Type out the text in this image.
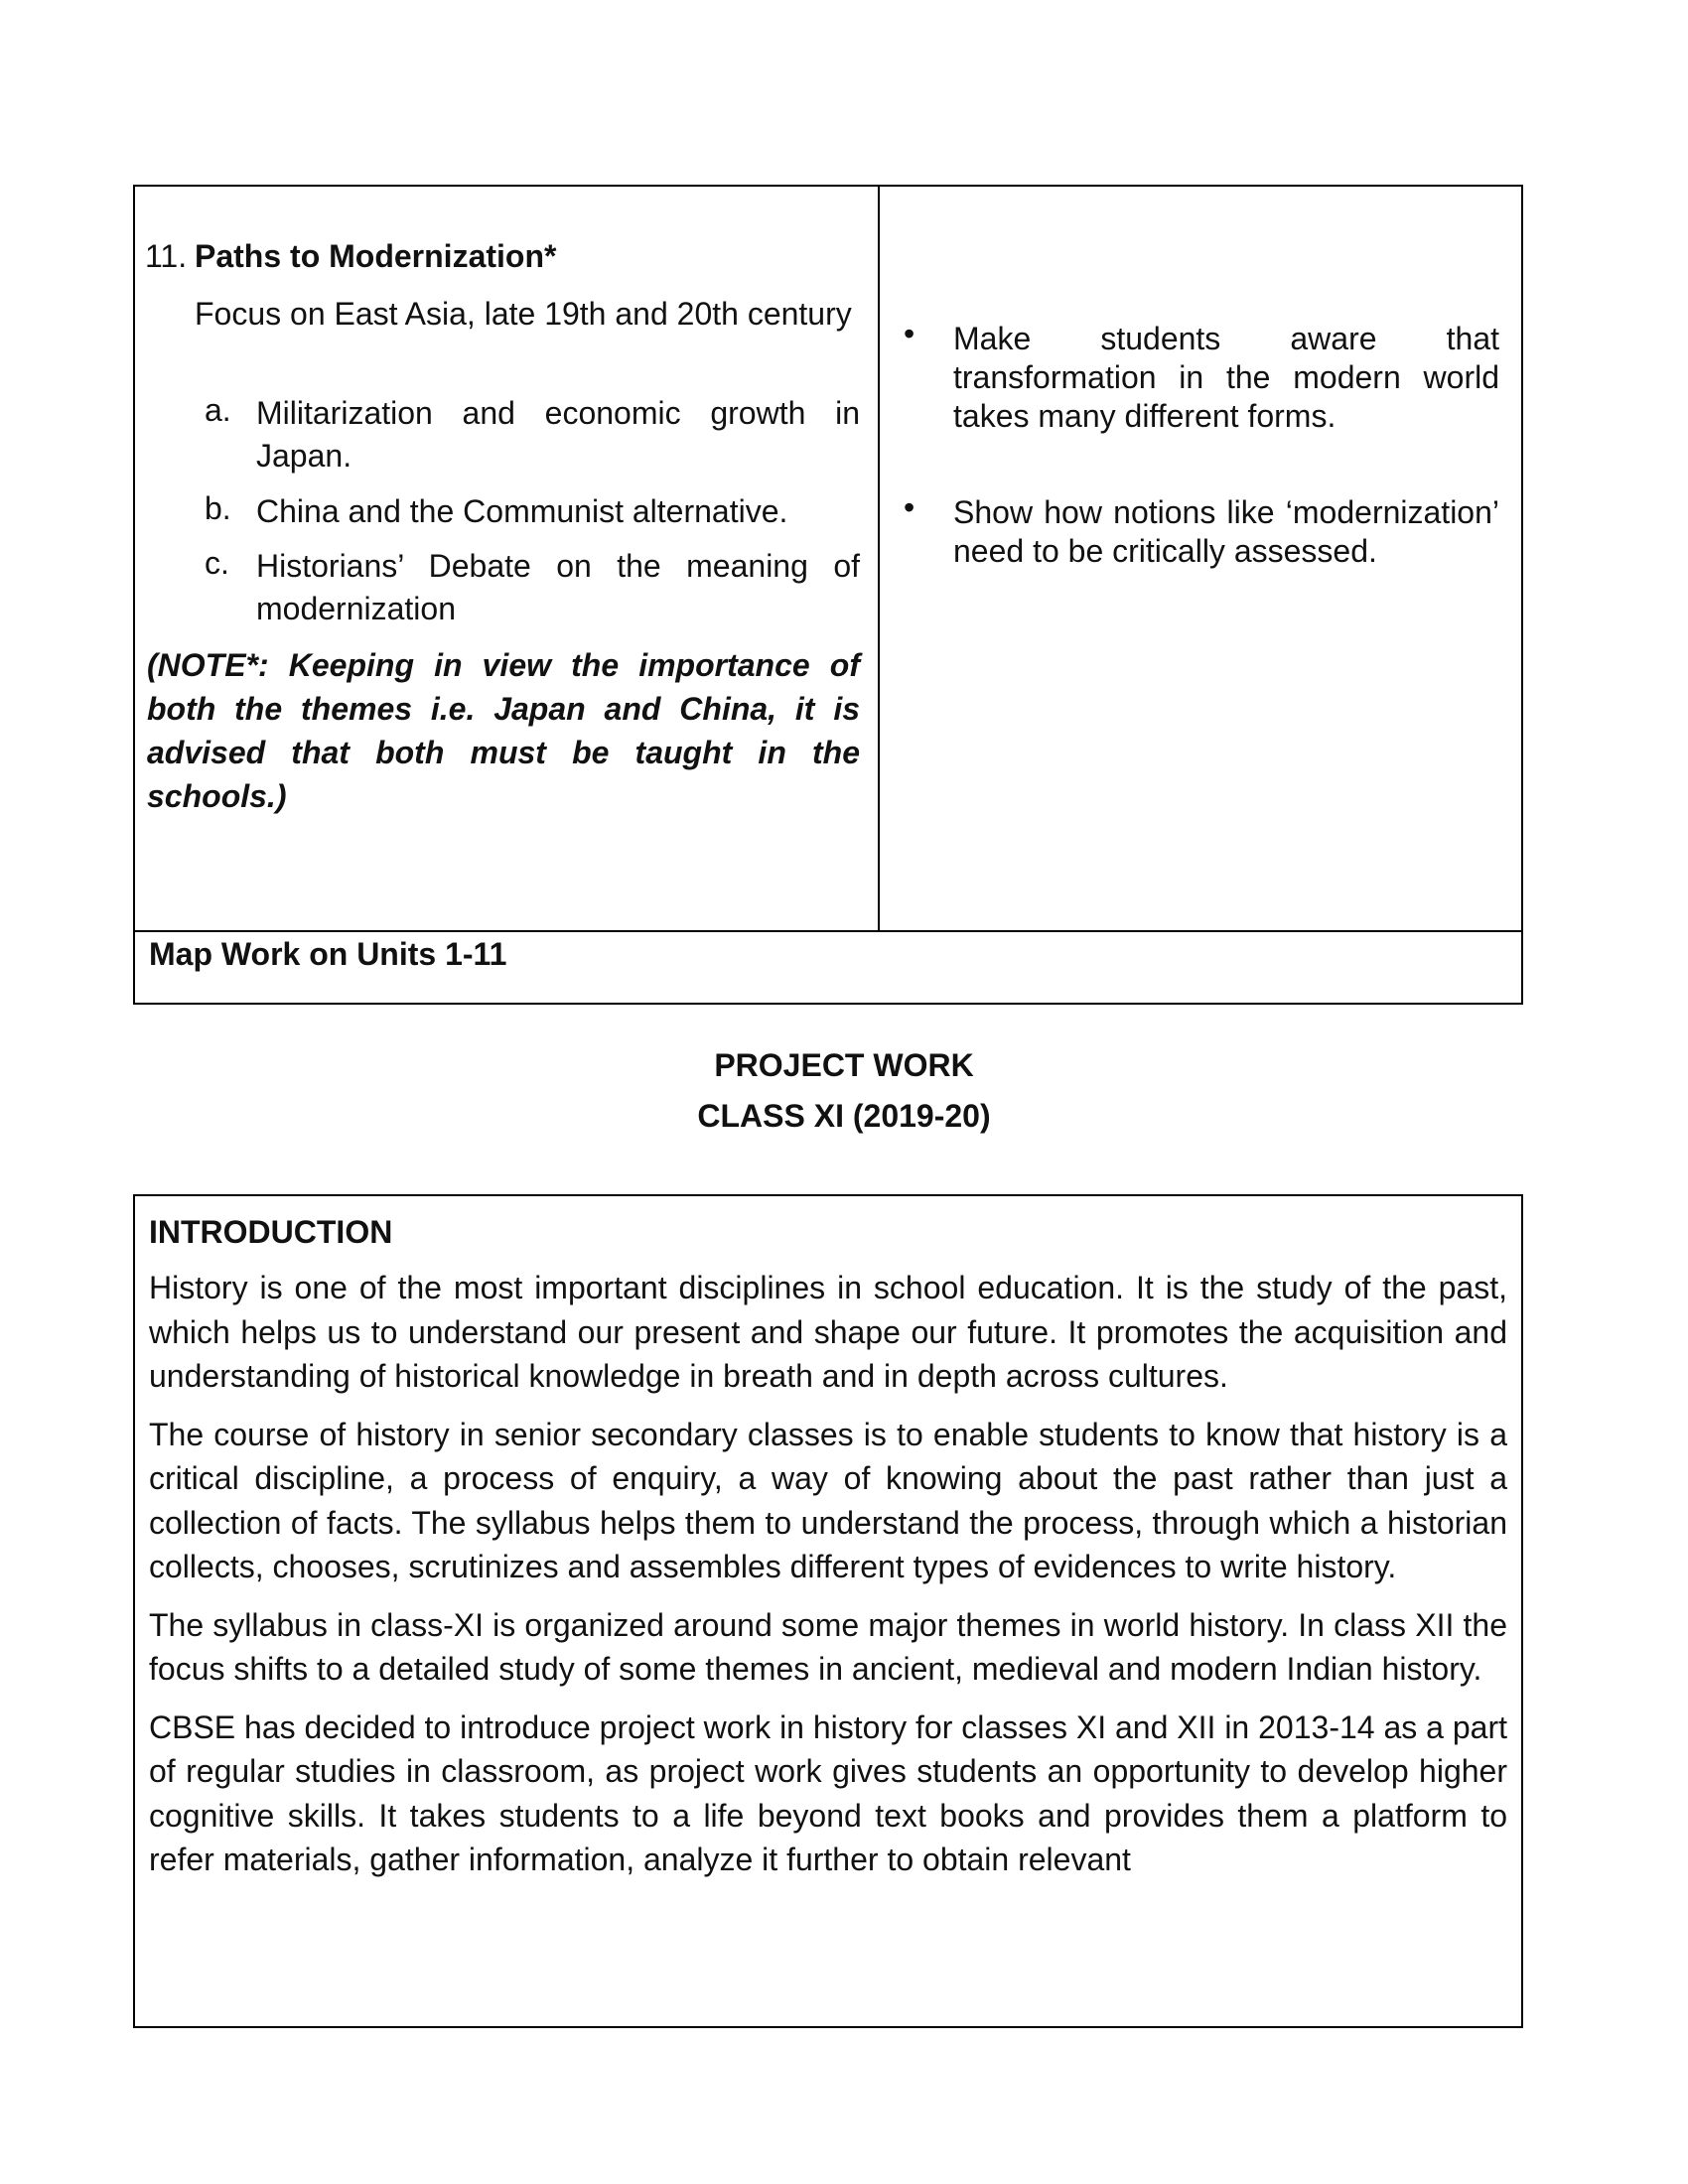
11. Paths to Modernization*
Focus on East Asia, late 19th and 20th century
a. Militarization and economic growth in Japan.
b. China and the Communist alternative.
c. Historians’ Debate on the meaning of modernization
(NOTE*: Keeping in view the importance of both the themes i.e. Japan and China, it is advised that both must be taught in the schools.)
• Make students aware that transformation in the modern world takes many different forms.
• Show how notions like ‘modernization’ need to be critically assessed.
Map Work on Units 1-11
PROJECT WORK
CLASS XI (2019-20)
INTRODUCTION

History is one of the most important disciplines in school education. It is the study of the past, which helps us to understand our present and shape our future. It promotes the acquisition and understanding of historical knowledge in breath and in depth across cultures.

The course of history in senior secondary classes is to enable students to know that history is a critical discipline, a process of enquiry, a way of knowing about the past rather than just a collection of facts. The syllabus helps them to understand the process, through which a historian collects, chooses, scrutinizes and assembles different types of evidences to write history.

The syllabus in class-XI is organized around some major themes in world history. In class XII the focus shifts to a detailed study of some themes in ancient, medieval and modern Indian history.

CBSE has decided to introduce project work in history for classes XI and XII in 2013-14 as a part of regular studies in classroom, as project work gives students an opportunity to develop higher cognitive skills. It takes students to a life beyond text books and provides them a platform to refer materials, gather information, analyze it further to obtain relevant
